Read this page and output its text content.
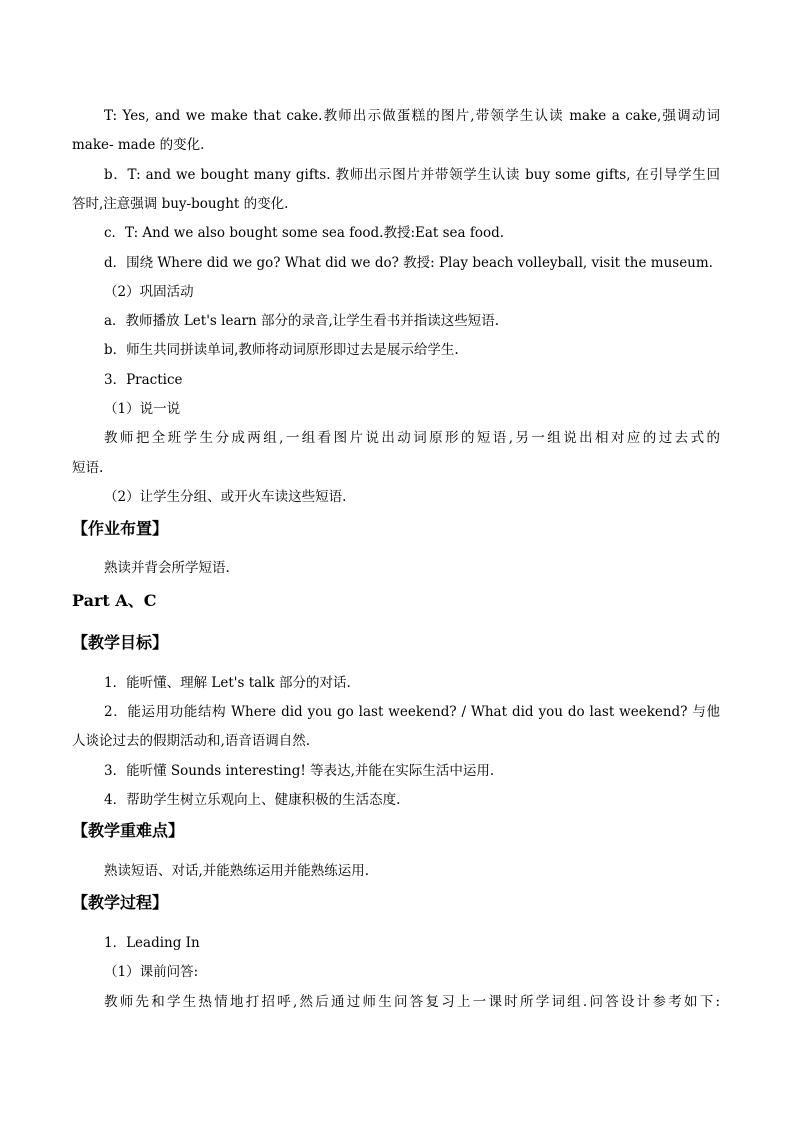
T: Yes, and we make that cake.教师出示做蛋糕的图片,带领学生认读 make a cake,强调动词
make- made 的变化.
b．T: and we bought many gifts. 教师出示图片并带领学生认读 buy some gifts, 在引导学生回
答时,注意强调 buy-bought 的变化.
c．T: And we also bought some sea food.教授:Eat sea food.
d．围绕 Where did we go? What did we do? 教授: Play beach volleyball, visit the museum.
（2）巩固活动
a．教师播放 Let's learn 部分的录音,让学生看书并指读这些短语.
b．师生共同拼读单词,教师将动词原形即过去是展示给学生.
3．Practice
（1）说一说
教师把全班学生分成两组,一组看图片说出动词原形的短语,另一组说出相对应的过去式的
短语.
（2）让学生分组、或开火车读这些短语.
【作业布置】
熟读并背会所学短语.
Part A、C
【教学目标】
1．能听懂、理解 Let's talk 部分的对话.
2．能运用功能结构 Where did you go last weekend? / What did you do last weekend? 与他
人谈论过去的假期活动和,语音语调自然.
3．能听懂 Sounds interesting! 等表达,并能在实际生活中运用.
4．帮助学生树立乐观向上、健康积极的生活态度.
【教学重难点】
熟读短语、对话,并能熟练运用并能熟练运用.
【教学过程】
1．Leading In
（1）课前问答:
教师先和学生热情地打招呼,然后通过师生问答复习上一课时所学词组.问答设计参考如下:
